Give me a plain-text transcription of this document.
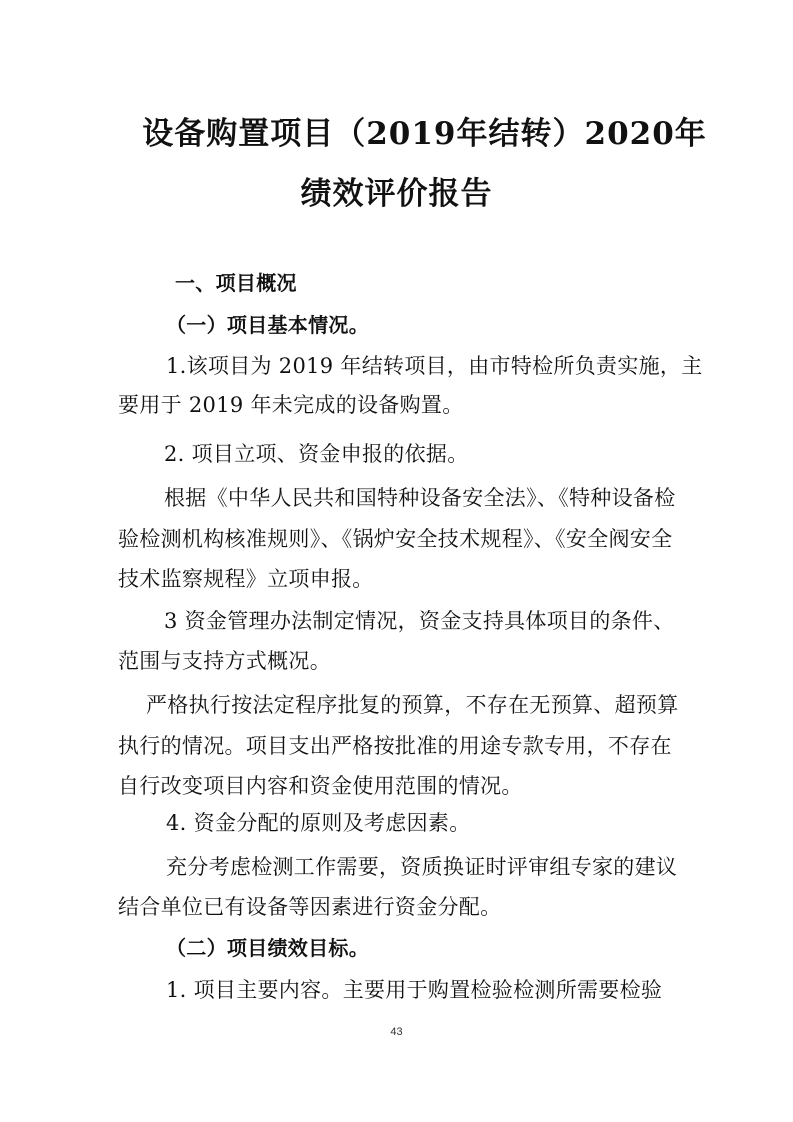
设备购置项目（2019年结转）2020年
绩效评价报告
一、项目概况
（一）项目基本情况。
1.该项目为 2019 年结转项目，由市特检所负责实施，主
要用于 2019 年未完成的设备购置。
2. 项目立项、资金申报的依据。
根据《中华人民共和国特种设备安全法》、《特种设备检
验检测机构核准规则》、《锅炉安全技术规程》、《安全阀安全
技术监察规程》立项申报。
3 资金管理办法制定情况，资金支持具体项目的条件、
范围与支持方式概况。
严格执行按法定程序批复的预算，不存在无预算、超预算
执行的情况。项目支出严格按批准的用途专款专用，不存在
自行改变项目内容和资金使用范围的情况。
4. 资金分配的原则及考虑因素。
充分考虑检测工作需要，资质换证时评审组专家的建议
结合单位已有设备等因素进行资金分配。
（二）项目绩效目标。
1. 项目主要内容。主要用于购置检验检测所需要检验
43
